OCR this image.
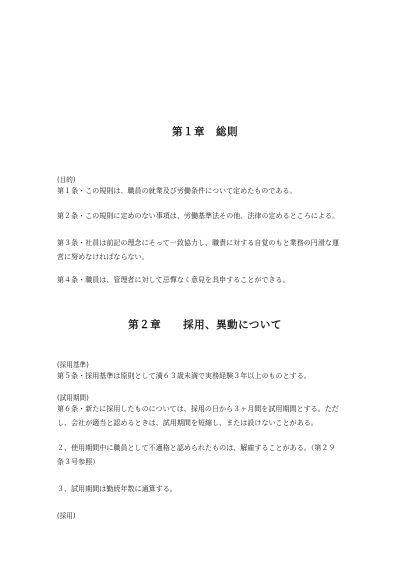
第１章　総則
(目的)
第１条・この規則は、職員の就業及び労働条件について定めたものである。
第２条・この規則に定めのない事項は、労働基準法その他、法律の定めるところによる。
第３条・社員は前記の理念にそって一致協力し、職責に対する自覚のもと業務の円滑な運
営に努めなければならない。
第４条・職員は、管理者に対して忌憚なく意見を具申することができる。
第２章　　採用、異動について
(採用基準)
第５条・採用基準は原則として満６３歳未満で実務経験３年以上のものとする。
(試用期間)
第６条・新たに採用したものについては、採用の日から３ヶ月間を試用期間とする。ただ
し、会社が適当と認めるときは、試用期間を短縮し、または設けないことがある。
２、使用期間中に職員として不適格と認められたものは、解雇することがある。（第２９
条３号参照）
３、試用期間は勤続年数に通算する。
(採用)
